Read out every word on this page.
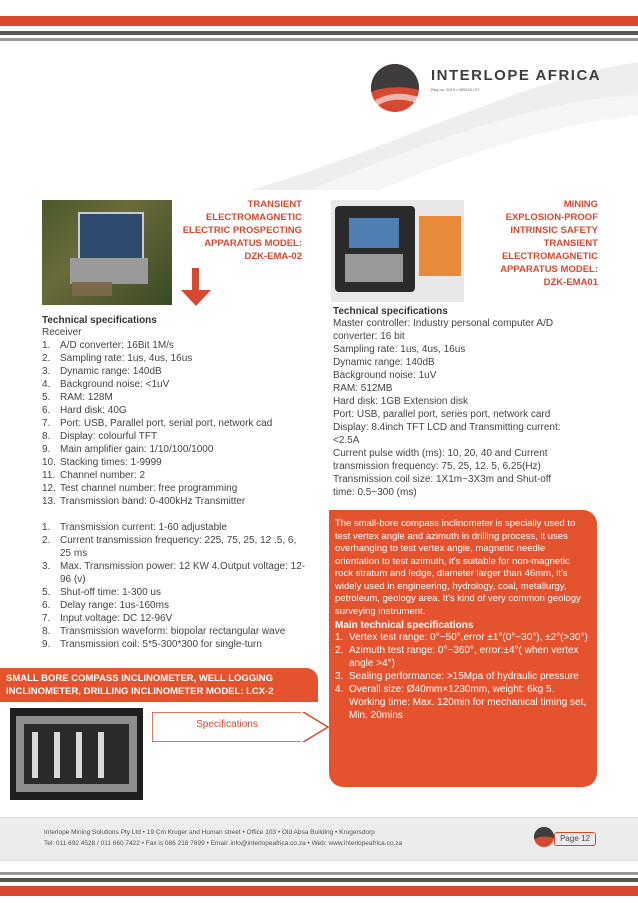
INTERLOPE AFRICA
Reg no: 2013 / 083228 / 07
TRANSIENT
ELECTROMAGNETIC
ELECTRIC PROSPECTING
APPARATUS MODEL:
DZK-EMA-02
MINING
EXPLOSION-PROOF
INTRINSIC SAFETY
TRANSIENT
ELECTROMAGNETIC
APPARATUS MODEL:
DZK-EMA01
Technical specifications
Receiver
1. A/D converter: 16Bit 1M/s
2. Sampling rate: 1us, 4us, 16us
3. Dynamic range: 140dB
4. Background noise: <1uV
5. RAM: 128M
6. Hard disk: 40G
7. Port: USB, Parallel port, serial port, network cad
8. Display: colourful TFT
9. Main amplifier gain: 1/10/100/1000
10. Stacking times: 1-9999
11. Channel number: 2
12. Test channel number: free programming
13. Transmission band: 0-400kHz Transmitter
1. Transmission current: 1-60 adjustable
2. Current transmission frequency: 225, 75, 25, 12 .5, 6, 25 ms
3. Max. Transmission power: 12 KW 4.Output voltage: 12-96 (v)
5. Shut-off time: 1-300 us
6. Delay range: 1us-160ms
7. Input voltage: DC 12-96V
8. Transmission waveform: biopolar rectangular wave
9. Transmission coil: 5*5-300*300 for single-turn
Technical specifications
Master controller: Industry personal computer A/D
converter: 16 bit
Sampling rate: 1us, 4us, 16us
Dynamic range: 140dB
Background noise: 1uV
RAM: 512MB
Hard disk: 1GB Extension disk
Port: USB, parallel port, series port, network card
Display: 8.4inch TFT LCD and Transmitting current:
<2.5A
Current pulse width (ms): 10, 20, 40 and Current
transmission frequency: 75, 25, 12. 5, 6.25(Hz)
Transmission coil size: 1X1m~3X3m and Shut-off
time: 0.5~300 (ms)
The small-bore compass inclinometer is specially used to test vertex angle and azimuth in drilling process, it uses overhanging to test vertex angle, magnetic needle orientation to test azimuth, it's suitable for non-magnetic rock stratum and ledge, diameter larger than 46mm, it's widely used in engineering, hydrology, coal, metallurgy, petroleum, geology area. It's kind of very common geology surveying instrument.
Main technical specifications
1. Vertex test range: 0°~50°,error ±1°(0°~30°), ±2°(>30°)
2. Azimuth test range: 0°~360°, error:±4°( when vertex angle >4°)
3. Sealing performance: >15Mpa of hydraulic pressure
4. Overall size: Ø40mm×1230mm, weight: 6kg 5. Working time: Max. 120min for mechanical timing set, Min. 20mins
SMALL BORE COMPASS INCLINOMETER, WELL LOGGING
INCLINOMETER, DRILLING INCLINOMETER MODEL: LCX-2
Specifications
Interlope Mining Solutions Pty Ltd • 19 Cm Kruger and Human street • Office 103 • Old Absa Building • Krugersdorp
Tel: 011 692 4528 / 011 660 7422 • Fax is 086 218 7699 • Email: info@interlopeafrica.co.za • Web: www.interlopeafrica.co.za
Page 12
